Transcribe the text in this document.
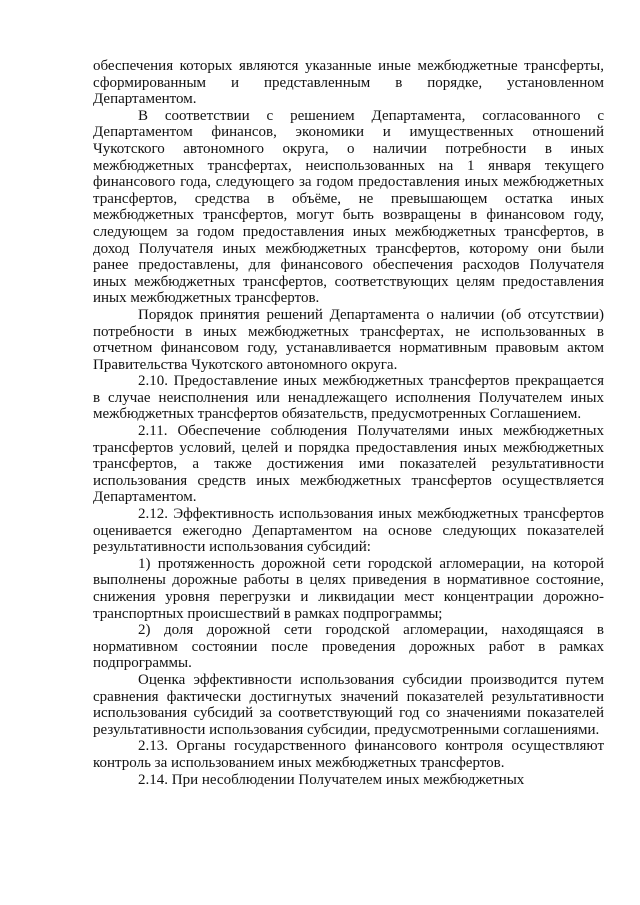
обеспечения которых являются указанные иные межбюджетные трансферты, сформированным и представленным в порядке, установленном Департаментом.

В соответствии с решением Департамента, согласованного с Департаментом финансов, экономики и имущественных отношений Чукотского автономного округа, о наличии потребности в иных межбюджетных трансфертах, неиспользованных на 1 января текущего финансового года, следующего за годом предоставления иных межбюджетных трансфертов, средства в объёме, не превышающем остатка иных межбюджетных трансфертов, могут быть возвращены в финансовом году, следующем за годом предоставления иных межбюджетных трансфертов, в доход Получателя иных межбюджетных трансфертов, которому они были ранее предоставлены, для финансового обеспечения расходов Получателя иных межбюджетных трансфертов, соответствующих целям предоставления иных межбюджетных трансфертов.

Порядок принятия решений Департамента о наличии (об отсутствии) потребности в иных межбюджетных трансфертах, не использованных в отчетном финансовом году, устанавливается нормативным правовым актом Правительства Чукотского автономного округа.

2.10. Предоставление иных межбюджетных трансфертов прекращается в случае неисполнения или ненадлежащего исполнения Получателем иных межбюджетных трансфертов обязательств, предусмотренных Соглашением.

2.11. Обеспечение соблюдения Получателями иных межбюджетных трансфертов условий, целей и порядка предоставления иных межбюджетных трансфертов, а также достижения ими показателей результативности использования средств иных межбюджетных трансфертов осуществляется Департаментом.

2.12. Эффективность использования иных межбюджетных трансфертов оценивается ежегодно Департаментом на основе следующих показателей результативности использования субсидий:

1) протяженность дорожной сети городской агломерации, на которой выполнены дорожные работы в целях приведения в нормативное состояние, снижения уровня перегрузки и ликвидации мест концентрации дорожно-транспортных происшествий в рамках подпрограммы;

2) доля дорожной сети городской агломерации, находящаяся в нормативном состоянии после проведения дорожных работ в рамках подпрограммы.

Оценка эффективности использования субсидии производится путем сравнения фактически достигнутых значений показателей результативности использования субсидий за соответствующий год со значениями показателей результативности использования субсидии, предусмотренными соглашениями.

2.13. Органы государственного финансового контроля осуществляют контроль за использованием иных межбюджетных трансфертов.

2.14. При несоблюдении Получателем иных межбюджетных
